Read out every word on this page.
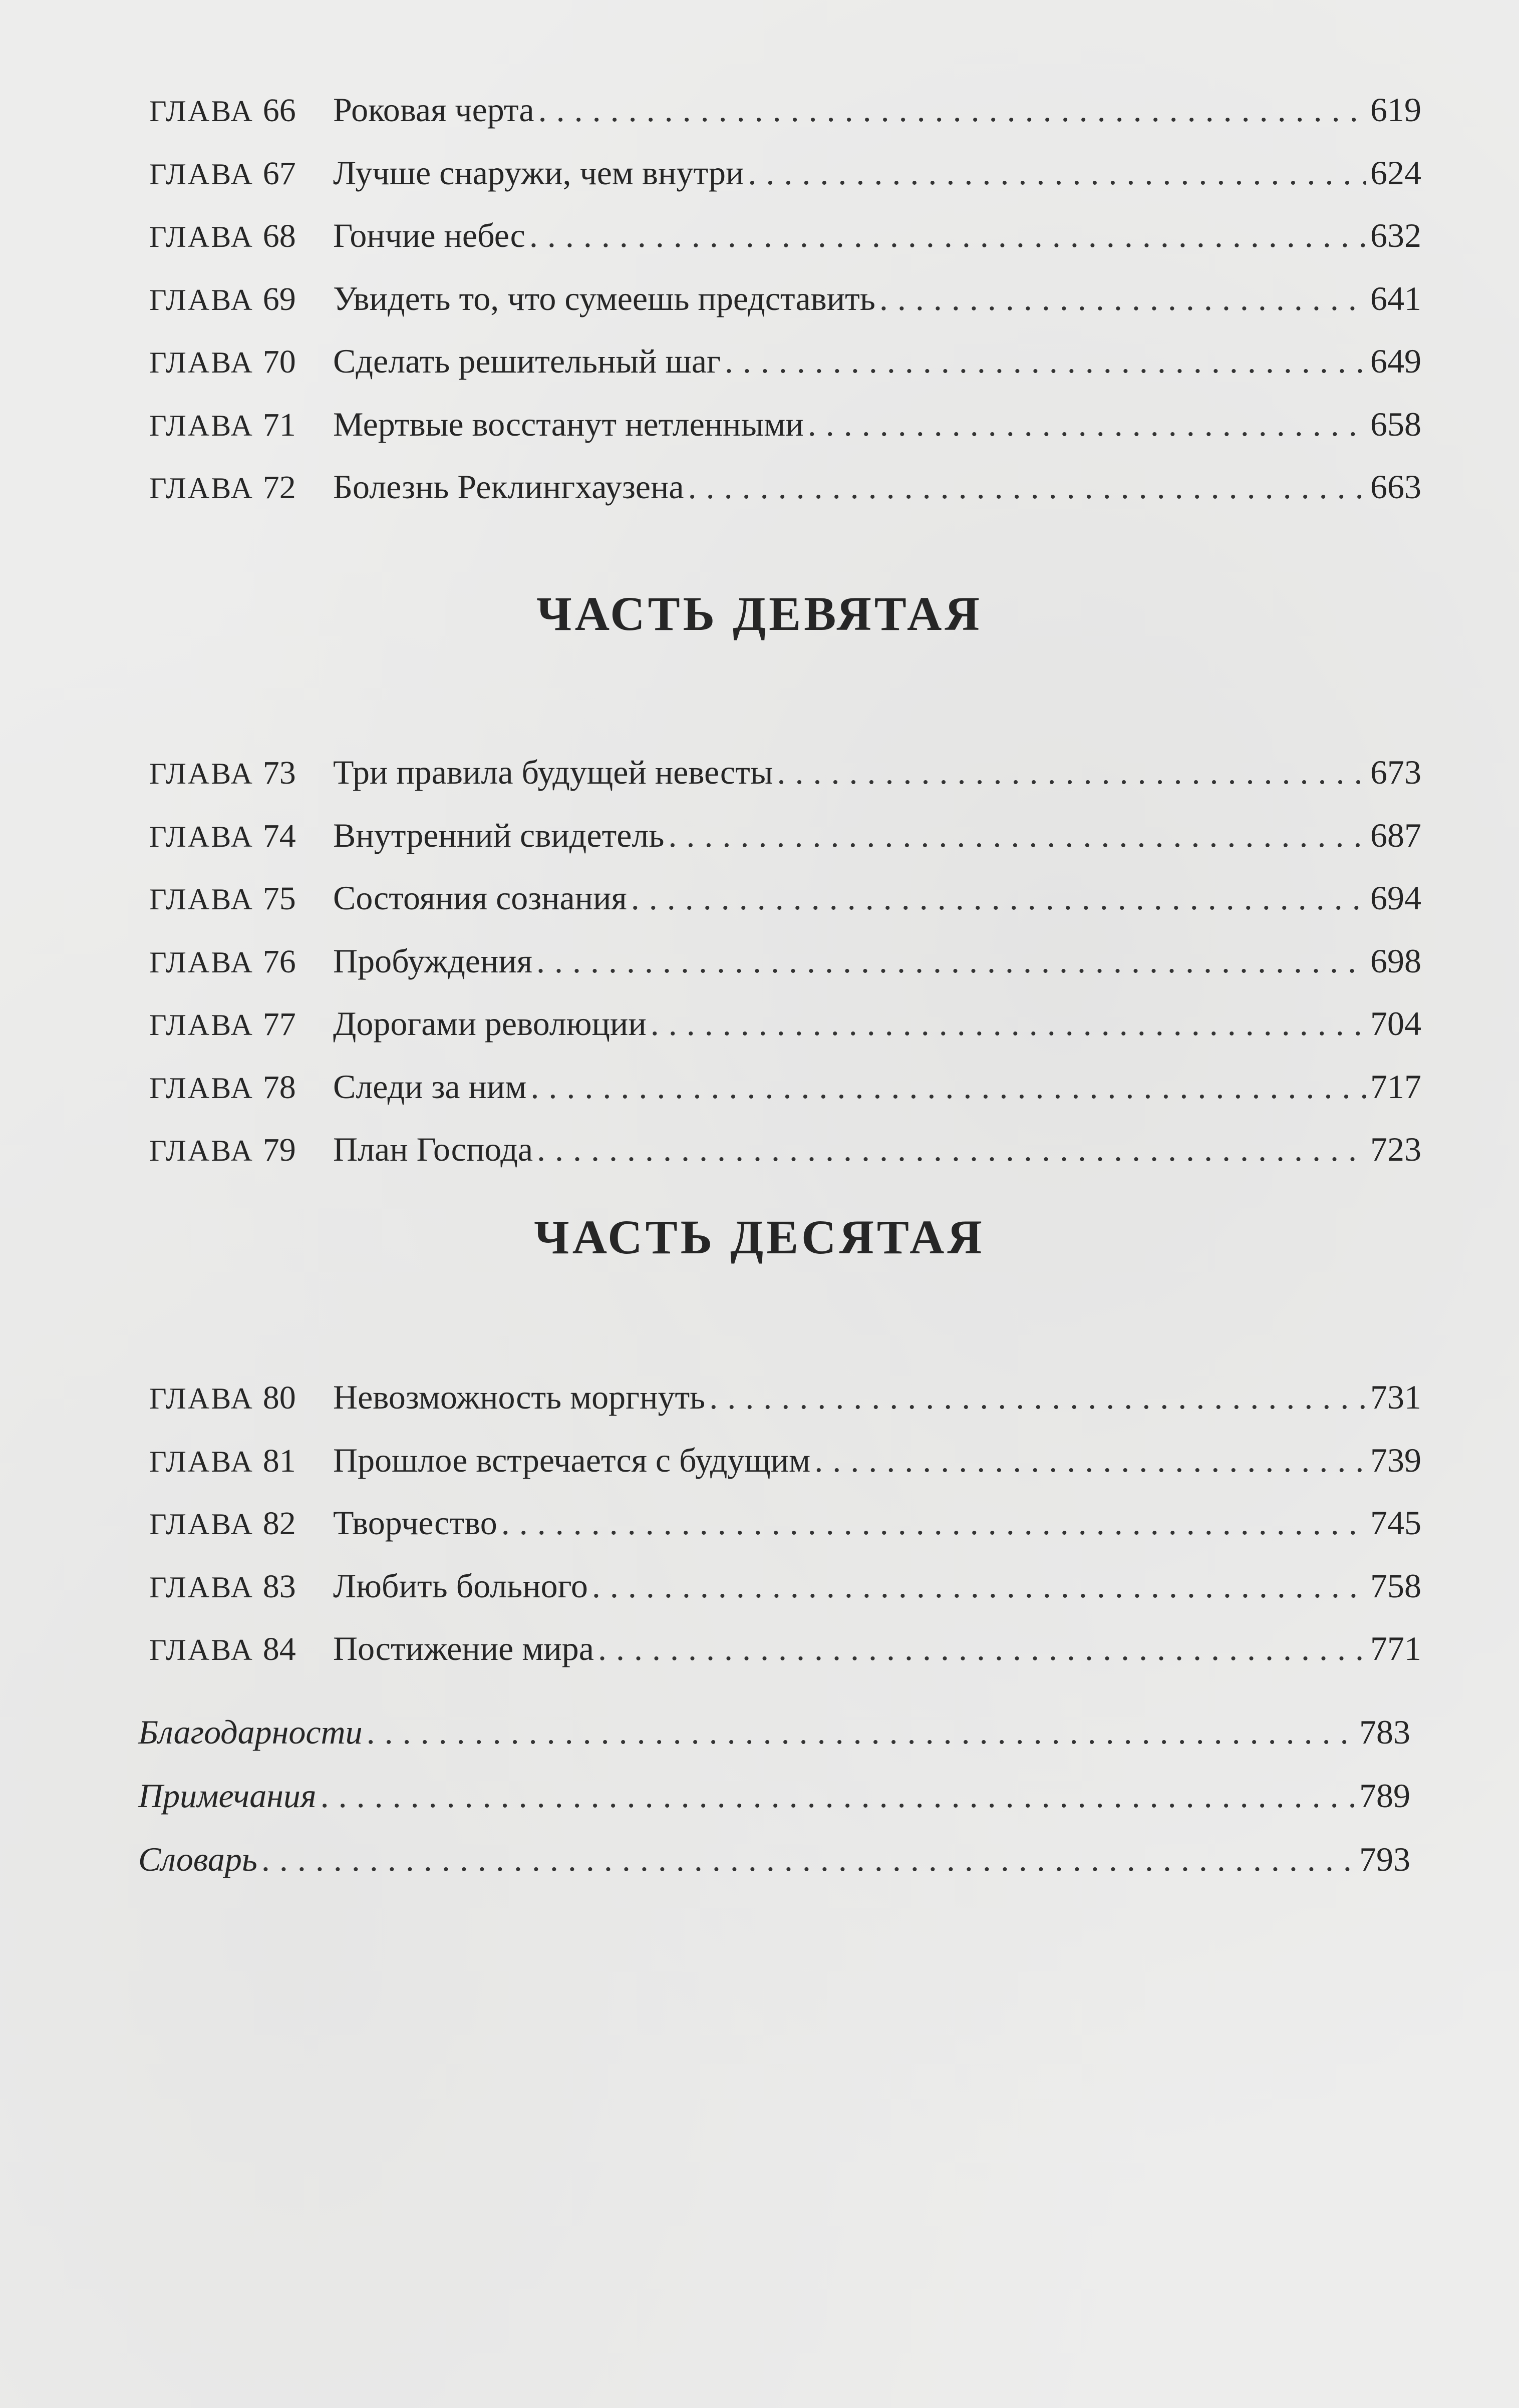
ГЛАВА 66	Роковая черта . . .	619
ГЛАВА 67	Лучше снаружи, чем внутри . . .	624
ГЛАВА 68	Гончие небес . . .	632
ГЛАВА 69	Увидеть то, что сумеешь представить . . .	641
ГЛАВА 70	Сделать решительный шаг . . .	649
ГЛАВА 71	Мертвые восстанут нетленными . . .	658
ГЛАВА 72	Болезнь Реклингхаузена . . .	663
ЧАСТЬ ДЕВЯТАЯ
ГЛАВА 73	Три правила будущей невесты . . .	673
ГЛАВА 74	Внутренний свидетель . . .	687
ГЛАВА 75	Состояния сознания . . .	694
ГЛАВА 76	Пробуждения . . .	698
ГЛАВА 77	Дорогами революции . . .	704
ГЛАВА 78	Следи за ним . . .	717
ГЛАВА 79	План Господа . . .	723
ЧАСТЬ ДЕСЯТАЯ
ГЛАВА 80	Невозможность моргнуть . . .	731
ГЛАВА 81	Прошлое встречается с будущим . . .	739
ГЛАВА 82	Творчество . . .	745
ГЛАВА 83	Любить больного . . .	758
ГЛАВА 84	Постижение мира . . .	771
Благодарности . . .	783
Примечания . . .	789
Словарь . . .	793
